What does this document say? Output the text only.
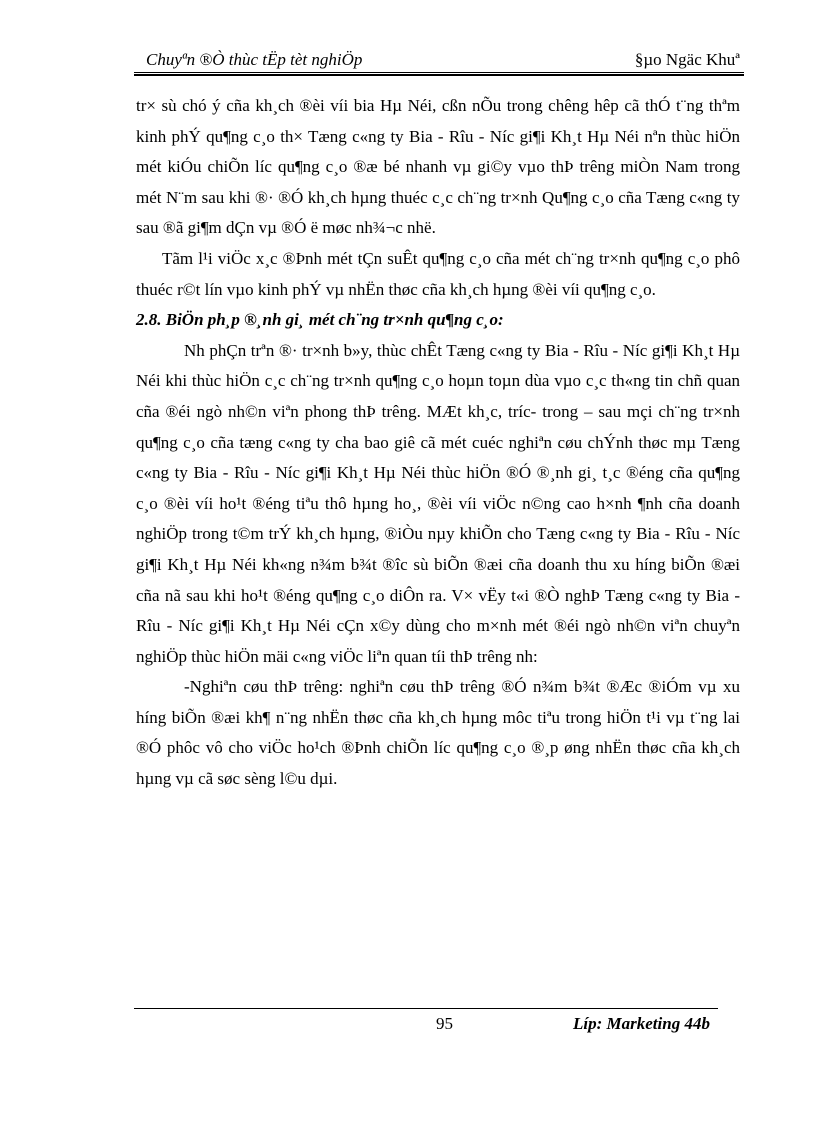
Chuyªn ®Ò thùc tËp tèt nghiÖp	§µo Ngäc Khuª

tr× sù chó ý cña kh¸ch ®èi víi bia Hµ Néi, cßn nÕu trong chêng hêp cã thÓ t¨ng thªm kinh phÝ qu¶ng c¸o th× Tæng c«ng ty Bia - Rîu - Níc gi¶i Kh¸t Hµ Néi nªn thùc hiÖn mét kiÓu chiÕn líc qu¶ng c¸o ®æ bé nhanh vµ gi©y vµo thÞ trêng miÒn Nam trong mét N¨m sau khi ®· ®Ó kh¸ch hµng thuéc c¸c ch¨ng tr×nh Qu¶ng c¸o cña Tæng c«ng ty sau ®ã gi¶m dÇn vµ ®Ó ë møc nh¾¬c nhë.

Tãm l¹i viÖc x¸c ®Þnh mét tÇn suÊt qu¶ng c¸o cña mét ch¨ng tr×nh qu¶ng c¸o phô thuéc r©t lín vµo kinh phÝ vµ nhËn thøc cña kh¸ch hµng ®èi víi qu¶ng c¸o.

2.8. BiÖn ph¸p ®¸nh gi¸ mét ch¨ng tr×nh qu¶ng c¸o:

Nh phÇn trªn ®· tr×nh b»y, thùc chÊt Tæng c«ng ty Bia - Rîu - Níc gi¶i Kh¸t Hµ Néi khi thùc hiÖn c¸c ch¨ng tr×nh qu¶ng c¸o hoµn toµn dùa vµo c¸c th«ng tin chñ quan cña ®éi ngò nh©n viªn phong thÞ trêng. MÆt kh¸c, tríc- trong – sau mçi ch¨ng tr×nh qu¶ng c¸o cña tæng c«ng ty cha bao giê cã mét cuéc nghiªn cøu chÝnh thøc mµ Tæng c«ng ty Bia - Rîu - Níc gi¶i Kh¸t Hµ Néi thùc hiÖn ®Ó ®¸nh gi¸ t¸c ®éng cña qu¶ng c¸o ®èi víi ho¹t ®éng tiªu thô hµng ho¸, ®èi víi viÖc n©ng cao h×nh ¶nh cña doanh nghiÖp trong t©m trÝ kh¸ch hµng, ®iÒu nµy khiÕn cho Tæng c«ng ty Bia - Rîu - Níc gi¶i Kh¸t Hµ Néi kh«ng n¾m b¾t ®îc sù biÕn ®æi cña doanh thu xu híng biÕn ®æi cña nã sau khi ho¹t ®éng qu¶ng c¸o diÔn ra. V× vËy t«i ®Ò nghÞ Tæng c«ng ty Bia - Rîu - Níc gi¶i Kh¸t Hµ Néi cÇn x©y dùng cho m×nh mét ®éi ngò nh©n viªn chuyªn nghiÖp thùc hiÖn mäi c«ng viÖc liªn quan tíi thÞ trêng nh:

-Nghiªn cøu thÞ trêng: nghiªn cøu thÞ trêng ®Ó n¾m b¾t ®Æc ®iÓm vµ xu híng biÕn ®æi kh¶ n¨ng nhËn thøc cña kh¸ch hµng môc tiªu trong hiÖn t¹i vµ t¨ng lai ®Ó phôc vô cho viÖc ho¹ch ®Þnh chiÕn líc qu¶ng c¸o ®¸p øng nhËn thøc cña kh¸ch hµng vµ cã søc sèng l©u dµi.

95	Líp: Marketing 44b
